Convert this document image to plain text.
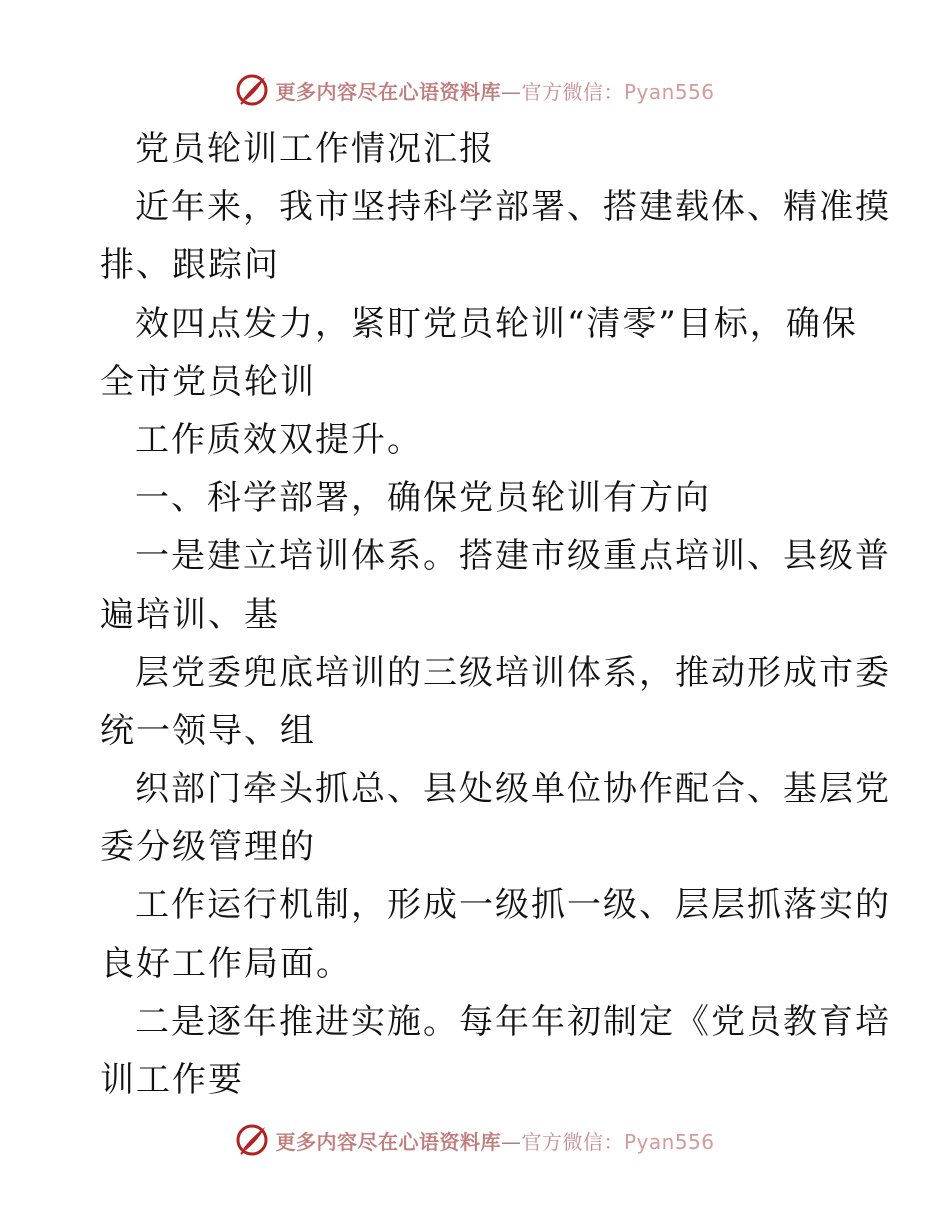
更多内容尽在心语资料库—官方微信：Pyan556
党员轮训工作情况汇报
近年来，我市坚持科学部署、搭建载体、精准摸
排、跟踪问
效四点发力，紧盯党员轮训“清零”目标，确保
全市党员轮训
工作质效双提升。
一、科学部署，确保党员轮训有方向
一是建立培训体系。搭建市级重点培训、县级普
遍培训、基
层党委兜底培训的三级培训体系，推动形成市委
统一领导、组
织部门牵头抓总、县处级单位协作配合、基层党
委分级管理的
工作运行机制，形成一级抓一级、层层抓落实的
良好工作局面。
二是逐年推进实施。每年年初制定《党员教育培
训工作要
更多内容尽在心语资料库—官方微信：Pyan556
